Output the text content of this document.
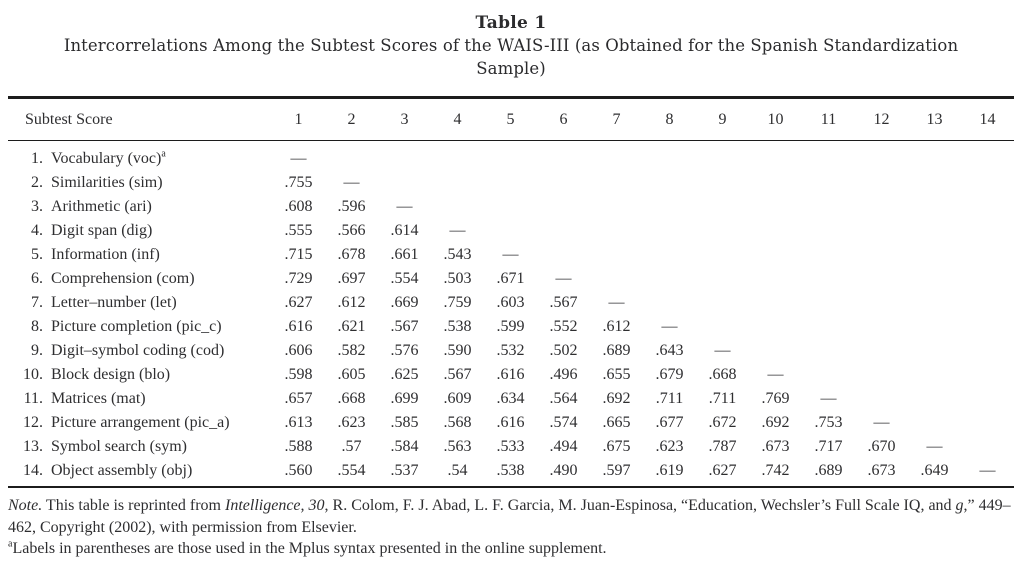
Table 1
Intercorrelations Among the Subtest Scores of the WAIS-III (as Obtained for the Spanish Standardization
Sample)
Subtest Score	1	2	3	4	5	6	7	8	9	10	11	12	13	14
1. Vocabulary (voc)$^a$	—													
2. Similarities (sim)	.755	—												
3. Arithmetic (ari)	.608	.596	—											
4. Digit span (dig)	.555	.566	.614	—										
5. Information (inf)	.715	.678	.661	.543	—									
6. Comprehension (com)	.729	.697	.554	.503	.671	—								
7. Letter–number (let)	.627	.612	.669	.759	.603	.567	—							
8. Picture completion (pic_c)	.616	.621	.567	.538	.599	.552	.612	—						
9. Digit–symbol coding (cod)	.606	.582	.576	.590	.532	.502	.689	.643	—					
10. Block design (blo)	.598	.605	.625	.567	.616	.496	.655	.679	.668	—				
11. Matrices (mat)	.657	.668	.699	.609	.634	.564	.692	.711	.711	.769	—			
12. Picture arrangement (pic_a)	.613	.623	.585	.568	.616	.574	.665	.677	.672	.692	.753	—		
13. Symbol search (sym)	.588	.57	.584	.563	.533	.494	.675	.623	.787	.673	.717	.670	—	
14. Object assembly (obj)	.560	.554	.537	.54	.538	.490	.597	.619	.627	.742	.689	.673	.649	—
Note. This table is reprinted from Intelligence, 30, R. Colom, F. J. Abad, L. F. Garcia, M. Juan-Espinosa, “Education, Wechsler’s Full Scale IQ, and g,” 449–462, Copyright (2002), with permission from Elsevier.
$^a$Labels in parentheses are those used in the Mplus syntax presented in the online supplement.
